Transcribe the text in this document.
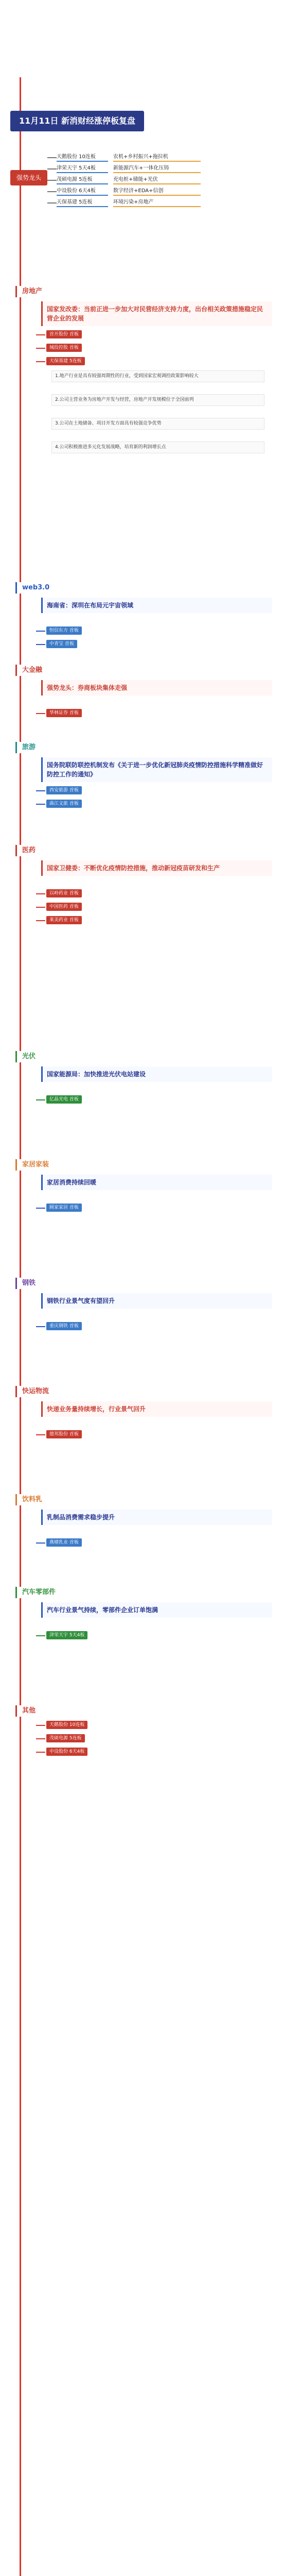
11月11日 新消财经涨停板复盘
强势龙头
天鹅股份 10连板	农机+乡村振兴+拖拉机
津荣天宇 5天4板	新能源汽车+一体化压铸
茂硕电源 5连板	充电桩+储能+光伏
中设股份 6天4板	数字经济+EDA+信创
天保基建 5连板	环境污染+房地产
房地产
国家发改委：当前正进一步加大对民营经济支持力度，出台相关政策措施稳定民营企业的发展
首开股份 首板
城投控股 首板
天保基建 5连板
1.地产行业是具有较强周期性的行业，受到国家宏观调控政策影响较大
2.公司主营业务为房地产开发与经营，房地产开发规模位于全国前列
3.公司在土地储备、项目开发方面具有较强竞争优势
4.公司积极推进多元化发展战略，培育新的利润增长点
web3.0
海南省：深圳在布局元宇宙领域
恒信东方 首板
中青宝 首板
大金融
强势龙头：券商板块集体走强
华林证券 首板
旅游
国务院联防联控机制发布《关于进一步优化新冠肺炎疫情防控措施科学精准做好防控工作的通知》
西安旅游 首板
曲江文旅 首板
医药
国家卫健委：不断优化疫情防控措施，推动新冠疫苗研发和生产
以岭药业 首板
中国医药 首板
莱美药业 首板
光伏
国家能源局：加快推进光伏电站建设
亿晶光电 首板
家居家装
家居消费持续回暖
顾家家居 首板
钢铁
钢铁行业景气度有望回升
重庆钢铁 首板
快运物流
快递业务量持续增长，行业景气回升
德邦股份 首板
饮料乳
乳制品消费需求稳步提升
燕塘乳业 首板
汽车零部件
汽车行业景气持续，零部件企业订单饱满
津荣天宇 5天4板
其他
天鹅股份 10连板
茂硕电源 5连板
中设股份 6天4板
